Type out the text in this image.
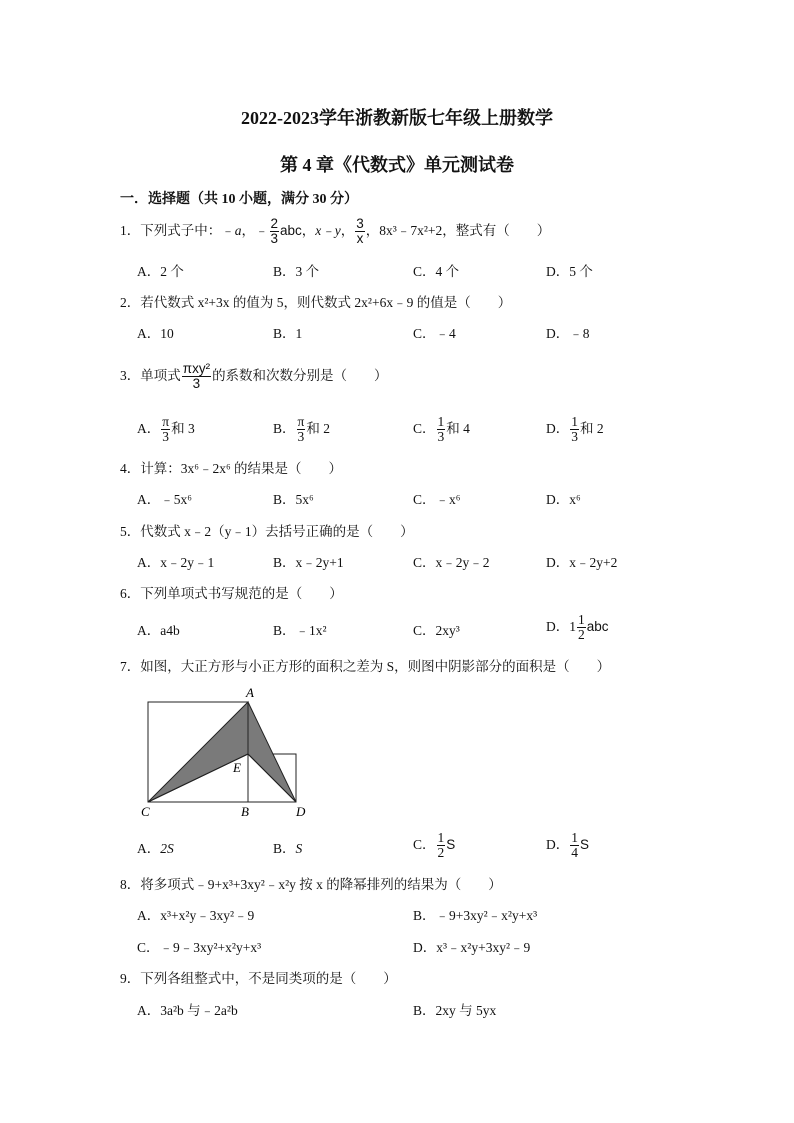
2022-2023学年浙教新版七年级上册数学
第 4 章《代数式》单元测试卷
一．选择题（共 10 小题，满分 30 分）
1．下列式子中：﹣a，﹣ $\frac{2}{3}$ abc，x﹣y， $\frac{3}{x}$ ，8x³﹣7x²+2，整式有（　　）
A．2 个	B．3 个	C．4 个	D．5 个
2．若代数式 x²+3x 的值为 5，则代数式 2x²+6x﹣9 的值是（　　）
A．10	B．1	C．﹣4	D．﹣8
3．单项式 $\frac{\text{πxy²}}{3}$ 的系数和次数分别是（　　）
A． $\frac{\pi}{3}$ 和 3	B． $\frac{\pi}{3}$ 和 2	C． $\frac{1}{3}$ 和 4	D． $\frac{1}{3}$ 和 2
4．计算：3x⁶﹣2x⁶ 的结果是（　　）
A．﹣5x⁶	B．5x⁶	C．﹣x⁶	D．x⁶
5．代数式 x﹣2（y﹣1）去括号正确的是（　　）
A．x﹣2y﹣1	B．x﹣2y+1	C．x﹣2y﹣2	D．x﹣2y+2
6．下列单项式书写规范的是（　　）
A．a4b	B．﹣1x²	C．2xy³	D．$1 \frac{1}{2}$ abc
7．如图，大正方形与小正方形的面积之差为 S，则图中阴影部分的面积是（　　）
A
E
C	B	D
A．2S	B．S	C． $\frac{1}{2}$ S	D． $\frac{1}{4}$ S
8．将多项式﹣9+x³+3xy²﹣x²y 按 x 的降幂排列的结果为（　　）
A．x³+x²y﹣3xy²﹣9	B．﹣9+3xy²﹣x²y+x³
C．﹣9﹣3xy²+x²y+x³	D．x³﹣x²y+3xy²﹣9
9．下列各组整式中，不是同类项的是（　　）
A．3a²b 与﹣2a²b	B．2xy 与 5yx
